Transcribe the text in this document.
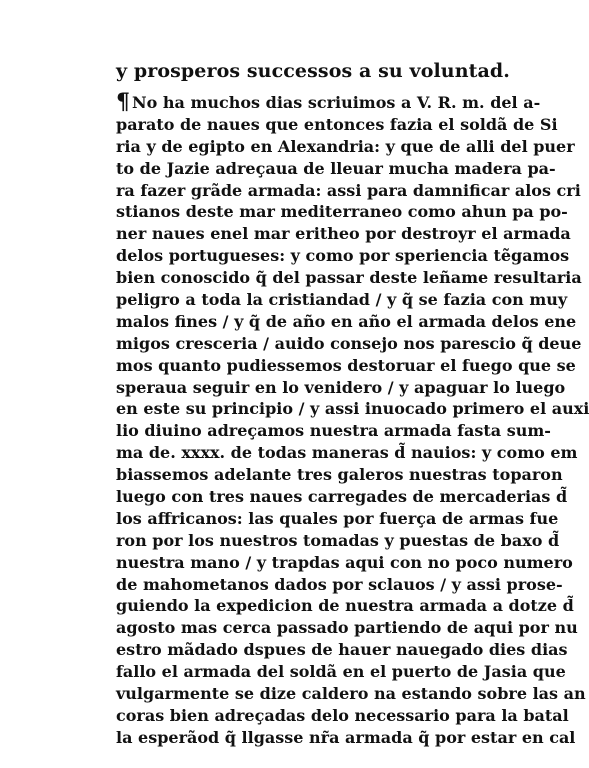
y prosperos successos a su voluntad.
¶ No ha muchos dias scriuimos a V. R. m. del a-
parato de naues que entonces fazia el soldã de Si
ria y de egipto en Alexandria: y que de alli del puer
to de Jazie adreçaua de lleuar mucha madera pa-
ra fazer grãde armada: assi para damnificar alos cri
stianos deste mar mediterraneo como ahun pa po-
ner naues enel mar eritheo por destroyr el armada
delos portugueses: y como por speriencia tẽgamos
bien conoscido q̃ del passar deste leñame resultaria
peligro a toda la cristiandad / y q̃ se fazia con muy
malos fines / y q̃ de año en año el armada delos ene
migos cresceria / auido consejo nos parescio q̃ deue
mos quanto pudiessemos destoruar el fuego que se
speraua seguir en lo venidero / y apaguar lo luego
en este su principio / y assi inuocado primero el auxi
lio diuino adreçamos nuestra armada fasta sum-
ma de. xxxx. de todas maneras d̃ nauios: y como em
biassemos adelante tres galeros nuestras toparon
luego con tres naues carregades de mercaderias d̃
los affricanos: las quales por fuerça de armas fue
ron por los nuestros tomadas y puestas de baxo d̃
nuestra mano / y trapdas aqui con no poco numero
de mahometanos dados por sclauos / y assi prose-
guiendo la expedicion de nuestra armada a dotze d̃
agosto mas cerca passado partiendo de aqui por nu
estro mãdado dspues de hauer nauegado dies dias
fallo el armada del soldã en el puerto de Jasia que
vulgarmente se dize caldero na estando sobre las an
coras bien adreçadas delo necessario para la batal
la esperãod q̃ llgasse nr̃a armada q̃ por estar en cal
